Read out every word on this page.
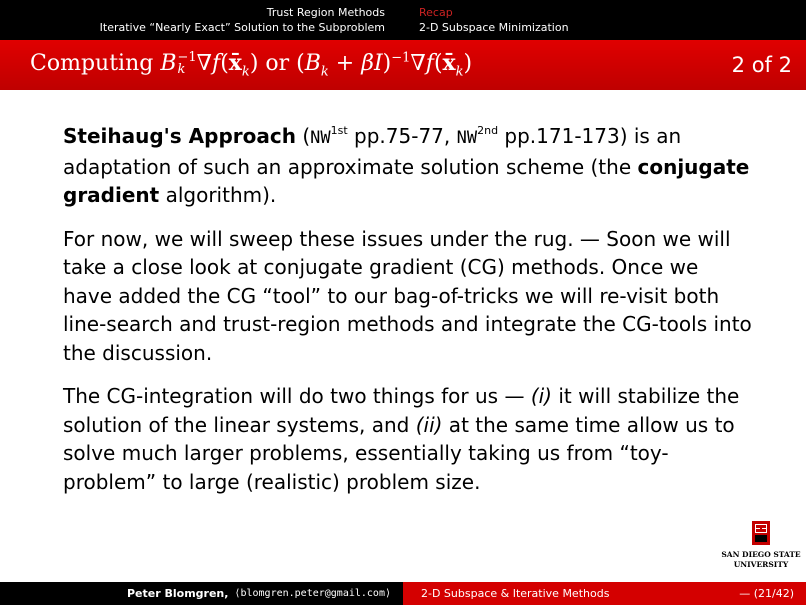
Trust Region Methods
Iterative “Nearly Exact” Solution to the Subproblem
Recap
2-D Subspace Minimization
Computing B −1
k $\nabla f(x̄_k)$ or ($B_k$ + $\beta I)^{-1}\nabla f(x̄_k)$	2 of 2

Steihaug's Approach ($NW^{1st}$ pp.75-77, $NW^{2nd}$ pp.171-173) is an adaptation of such an approximate solution scheme (the conjugate gradient algorithm).

For now, we will sweep these issues under the rug. — Soon we will take a close look at conjugate gradient (CG) methods. Once we have added the CG “tool” to our bag-of-tricks we will re-visit both line-search and trust-region methods and integrate the CG-tools into the discussion.

The CG-integration will do two things for us — (i) it will stabilize the solution of the linear systems, and (ii) at the same time allow us to solve much larger problems, essentially taking us from “toy-problem” to large (realistic) problem size.

SAN DIEGO STATE
UNIVERSITY
Peter Blomgren, ⟨blomgren.peter@gmail.com⟩	2-D Subspace & Iterative Methods	— (21/42)
